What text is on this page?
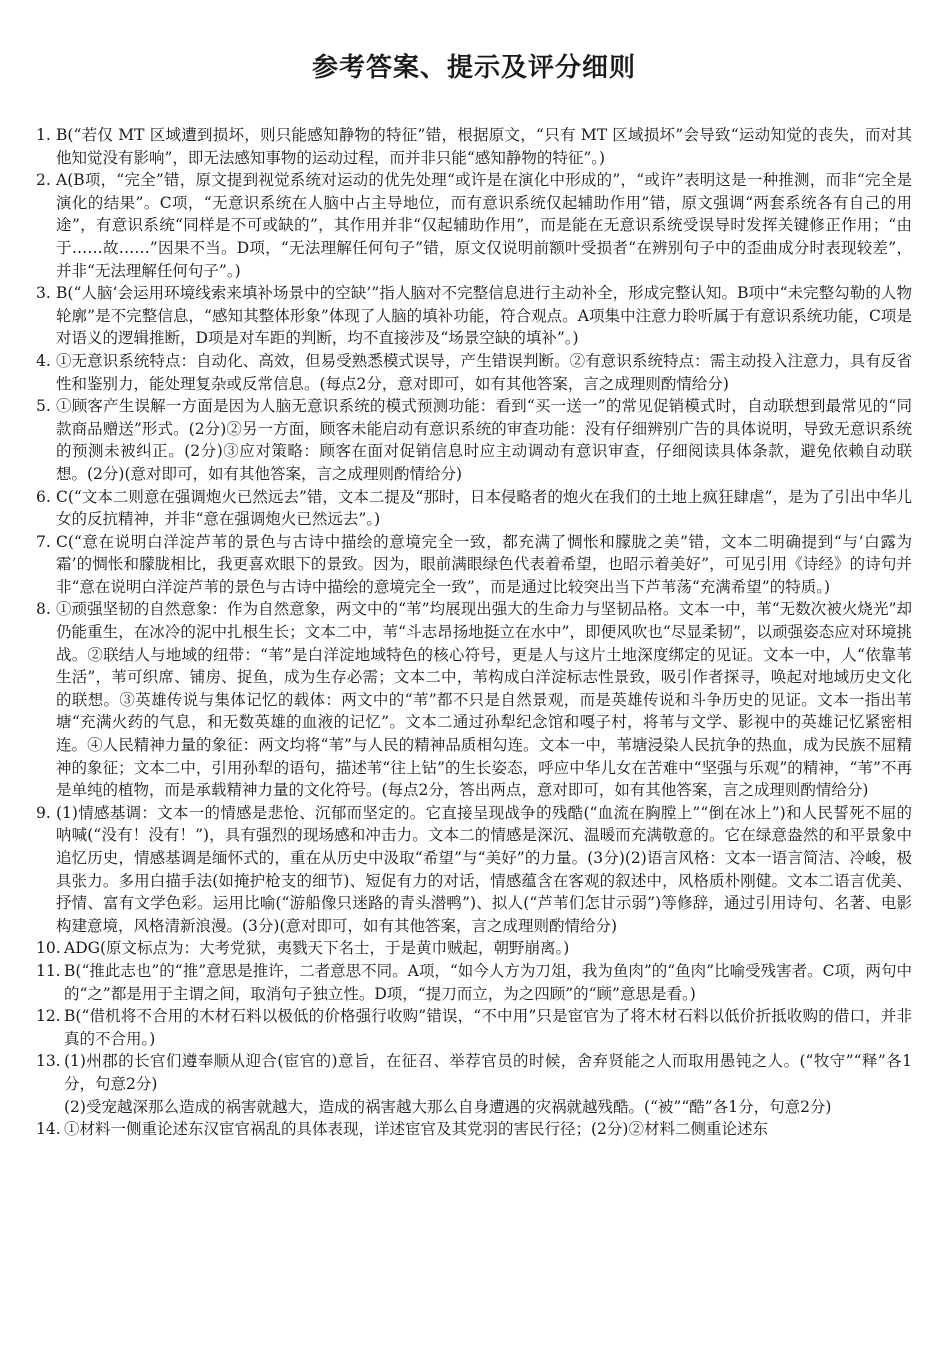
参考答案、提示及评分细则
1. B(“若仅 MT 区域遭到损坏，则只能感知静物的特征”错，根据原文，“只有 MT 区域损坏”会导致“运动知觉的丧失，而对其他知觉没有影响”，即无法感知事物的运动过程，而并非只能“感知静物的特征”。)
2. A(B项，“完全”错，原文提到视觉系统对运动的优先处理“或许是在演化中形成的”，“或许”表明这是一种推测，而非“完全是演化的结果”。C项，“无意识系统在人脑中占主导地位，而有意识系统仅起辅助作用”错，原文强调“两套系统各有自己的用途”，有意识系统“同样是不可或缺的”，其作用并非“仅起辅助作用”，而是能在无意识系统受误导时发挥关键修正作用；“由于……故……”因果不当。D项，“无法理解任何句子”错，原文仅说明前额叶受损者“在辨别句子中的歪曲成分时表现较差”，并非“无法理解任何句子”。)
3. B(“人脑‘会运用环境线索来填补场景中的空缺’”指人脑对不完整信息进行主动补全，形成完整认知。B项中“未完整勾勒的人物轮廓”是不完整信息，“感知其整体形象”体现了人脑的填补功能，符合观点。A项集中注意力聆听属于有意识系统功能，C项是对语义的逻辑推断，D项是对车距的判断，均不直接涉及“场景空缺的填补”。)
4. ①无意识系统特点：自动化、高效，但易受熟悉模式误导，产生错误判断。②有意识系统特点：需主动投入注意力，具有反省性和鉴别力，能处理复杂或反常信息。(每点2分，意对即可，如有其他答案，言之成理则酌情给分)
5. ①顾客产生误解一方面是因为人脑无意识系统的模式预测功能：看到“买一送一”的常见促销模式时，自动联想到最常见的“同款商品赠送”形式。(2分)②另一方面，顾客未能启动有意识系统的审查功能：没有仔细辨别广告的具体说明，导致无意识系统的预测未被纠正。(2分)③应对策略：顾客在面对促销信息时应主动调动有意识审查，仔细阅读具体条款，避免依赖自动联想。(2分)(意对即可，如有其他答案，言之成理则酌情给分)
6. C(“文本二则意在强调炮火已然远去”错，文本二提及“那时，日本侵略者的炮火在我们的土地上疯狂肆虐”，是为了引出中华儿女的反抗精神，并非“意在强调炮火已然远去”。)
7. C(“意在说明白洋淀芦苇的景色与古诗中描绘的意境完全一致，都充满了惆怅和朦胧之美”错，文本二明确提到“与‘白露为霜’的惆怅和朦胧相比，我更喜欢眼下的景致。因为，眼前满眼绿色代表着希望，也昭示着美好”，可见引用《诗经》的诗句并非“意在说明白洋淀芦苇的景色与古诗中描绘的意境完全一致”，而是通过比较突出当下芦苇荡“充满希望”的特质。)
8. ①顽强坚韧的自然意象：作为自然意象，两文中的“苇”均展现出强大的生命力与坚韧品格。文本一中，苇“无数次被火烧光”却仍能重生，在冰冷的泥中扎根生长；文本二中，苇“斗志昂扬地挺立在水中”，即便风吹也“尽显柔韧”，以顽强姿态应对环境挑战。②联结人与地域的纽带：“苇”是白洋淀地域特色的核心符号，更是人与这片土地深度绑定的见证。文本一中，人“依靠苇生活”，苇可织席、铺房、捉鱼，成为生存必需；文本二中，苇构成白洋淀标志性景致，吸引作者探寻，唤起对地域历史文化的联想。③英雄传说与集体记忆的载体：两文中的“苇”都不只是自然景观，而是英雄传说和斗争历史的见证。文本一指出苇塘“充满火药的气息，和无数英雄的血液的记忆”。文本二通过孙犁纪念馆和嘎子村，将苇与文学、影视中的英雄记忆紧密相连。④人民精神力量的象征：两文均将“苇”与人民的精神品质相勾连。文本一中，苇塘浸染人民抗争的热血，成为民族不屈精神的象征；文本二中，引用孙犁的语句，描述苇“往上钻”的生长姿态，呼应中华儿女在苦难中“坚强与乐观”的精神，“苇”不再是单纯的植物，而是承载精神力量的文化符号。(每点2分，答出两点，意对即可，如有其他答案，言之成理则酌情给分)
9. (1)情感基调：文本一的情感是悲怆、沉郁而坚定的。它直接呈现战争的残酷(“血流在胸膛上”“倒在冰上”)和人民誓死不屈的呐喊(“没有！没有！”)，具有强烈的现场感和冲击力。文本二的情感是深沉、温暖而充满敬意的。它在绿意盎然的和平景象中追忆历史，情感基调是缅怀式的，重在从历史中汲取“希望”与“美好”的力量。(3分)(2)语言风格：文本一语言简洁、冷峻，极具张力。多用白描手法(如掩护枪支的细节)、短促有力的对话，情感蕴含在客观的叙述中，风格质朴刚健。文本二语言优美、抒情、富有文学色彩。运用比喻(“游船像只迷路的青头潜鸭”)、拟人(“芦苇们怎甘示弱”)等修辞，通过引用诗句、名著、电影构建意境，风格清新浪漫。(3分)(意对即可，如有其他答案，言之成理则酌情给分)
10. ADG(原文标点为：大考党狱，夷戮天下名士，于是黄巾贼起，朝野崩离。)
11. B(“推此志也”的“推”意思是推许，二者意思不同。A项，“如今人方为刀俎，我为鱼肉”的“鱼肉”比喻受残害者。C项，两句中的“之”都是用于主谓之间，取消句子独立性。D项，“提刀而立，为之四顾”的“顾”意思是看。)
12. B(“借机将不合用的木材石料以极低的价格强行收购”错误，“不中用”只是宦官为了将木材石料以低价折抵收购的借口，并非真的不合用。)
13. (1)州郡的长官们遵奉顺从迎合(宦官的)意旨，在征召、举荐官员的时候，舍弃贤能之人而取用愚钝之人。(“牧守”“释”各1分，句意2分)
(2)受宠越深那么造成的祸害就越大，造成的祸害越大那么自身遭遇的灾祸就越残酷。(“被”“酷”各1分，句意2分)
14. ①材料一侧重论述东汉宦官祸乱的具体表现，详述宦官及其党羽的害民行径；(2分)②材料二侧重论述东
